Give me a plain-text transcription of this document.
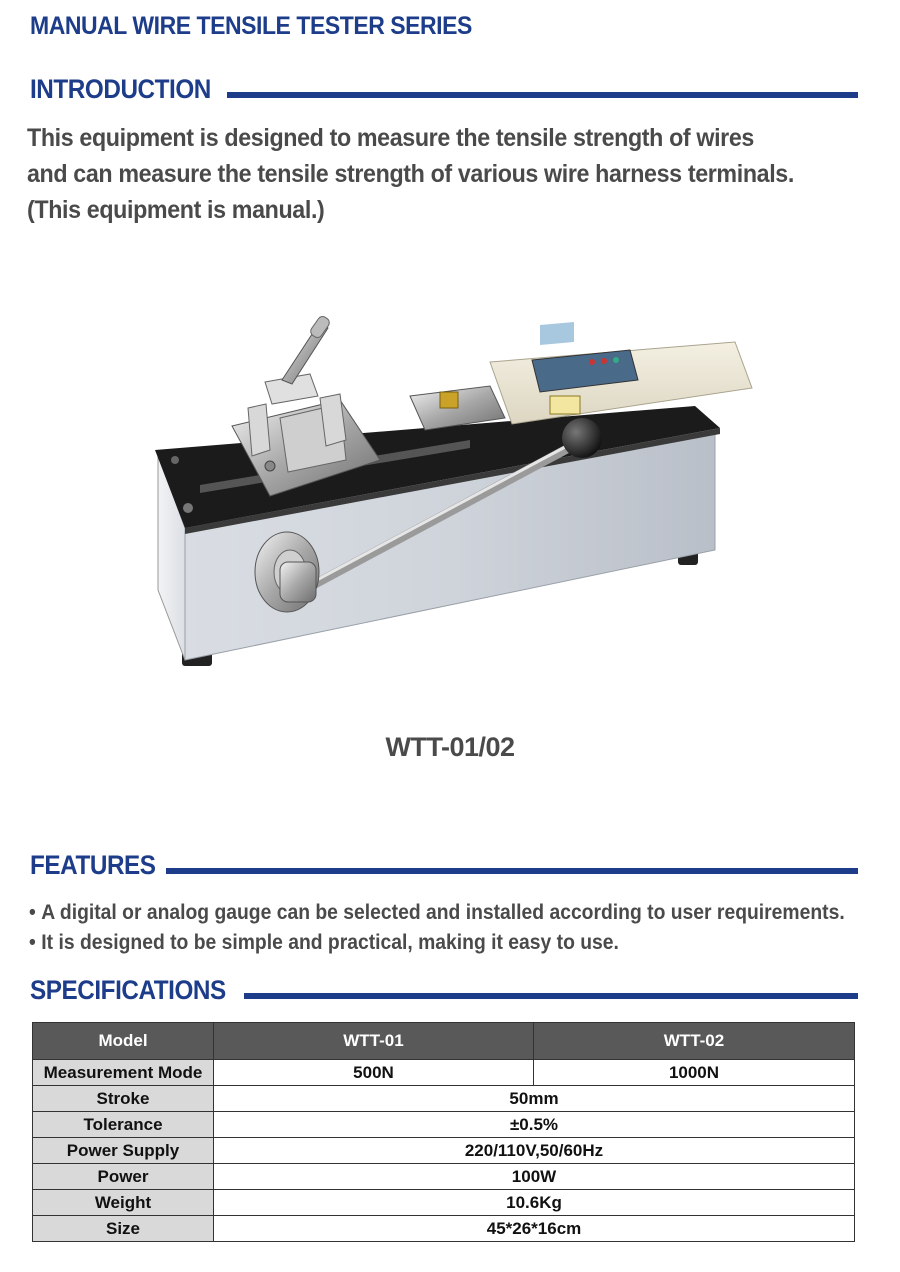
MANUAL WIRE TENSILE TESTER SERIES
INTRODUCTION

This equipment is designed to measure the tensile strength of wires

and can measure the tensile strength of various wire harness terminals.

(This equipment is manual.)

WTT-01/02
FEATURES
• A digital or analog gauge can be selected and installed according to user requirements.
• It is designed to be simple and practical, making it easy to use.
SPECIFICATIONS
Model	WTT-01	WTT-02
Measurement Mode	500N	1000N
Stroke	50mm	
Tolerance	±0.5%	
Power Supply	220/110V,50/60Hz	
Power	100W	
Weight	10.6Kg	
Size	45*26*16cm	
